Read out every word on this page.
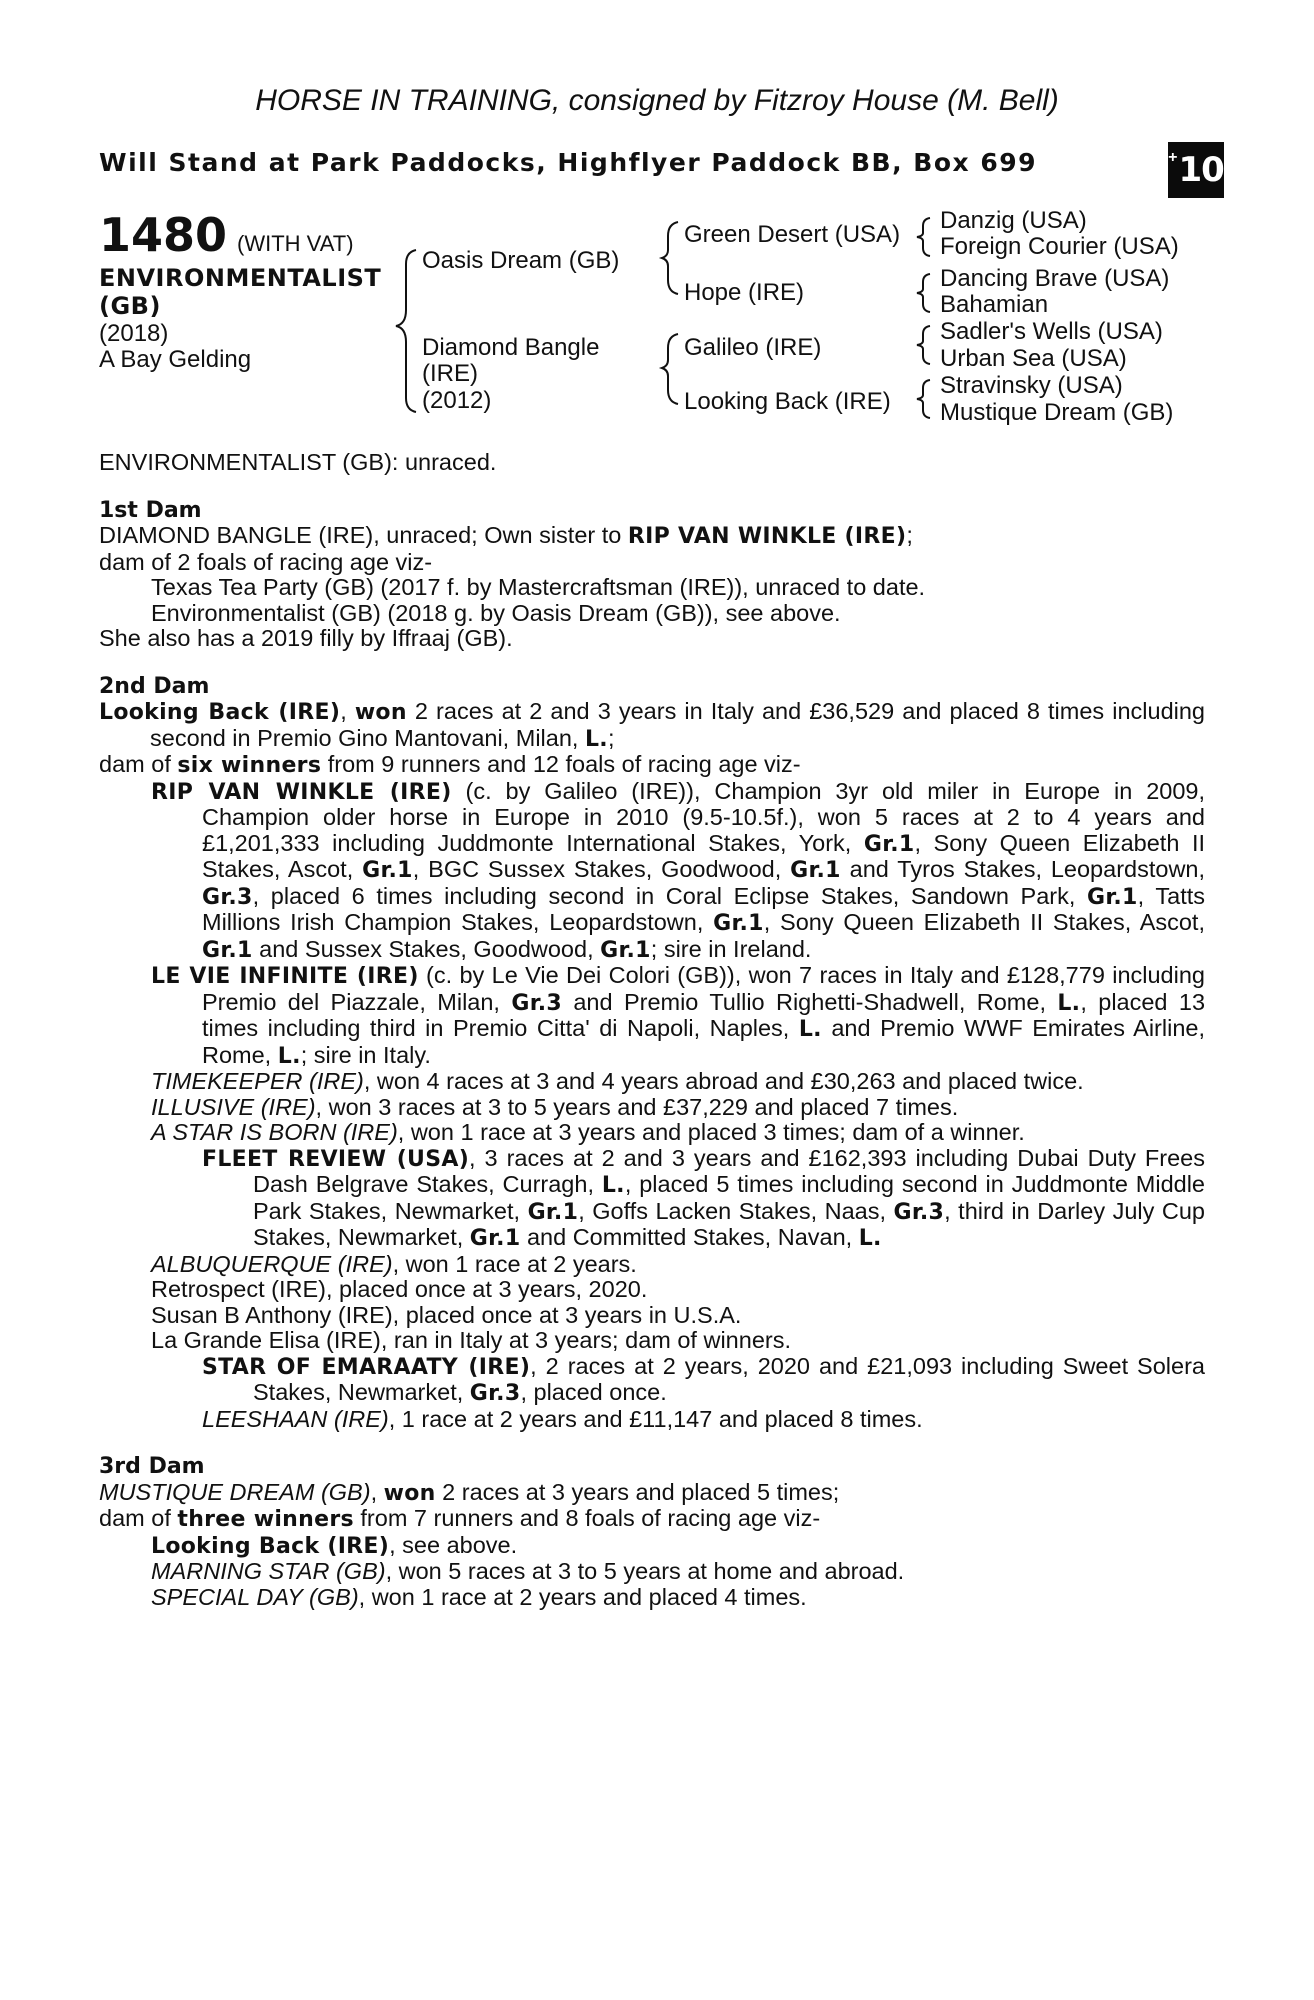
HORSE IN TRAINING, consigned by Fitzroy House (M. Bell)
Will Stand at Park Paddocks, Highflyer Paddock BB, Box 699	+ 10
1480 (WITH VAT)
ENVIRONMENTALIST
(GB)
(2018)
A Bay Gelding
Oasis Dream (GB)
Diamond Bangle
(IRE)
(2012)
Green Desert (USA)
Hope (IRE)
Galileo (IRE)
Looking Back (IRE)
Danzig (USA)
Foreign Courier (USA)
Dancing Brave (USA)
Bahamian
Sadler's Wells (USA)
Urban Sea (USA)
Stravinsky (USA)
Mustique Dream (GB)

ENVIRONMENTALIST (GB): unraced.

1st Dam

DIAMOND BANGLE (IRE), unraced; Own sister to RIP VAN WINKLE (IRE);

dam of 2 foals of racing age viz-

Texas Tea Party (GB) (2017 f. by Mastercraftsman (IRE)), unraced to date.

Environmentalist (GB) (2018 g. by Oasis Dream (GB)), see above.

She also has a 2019 filly by Iffraaj (GB).

2nd Dam

Looking Back (IRE), won 2 races at 2 and 3 years in Italy and £36,529 and placed 8 times including second in Premio Gino Mantovani, Milan, L.;

dam of six winners from 9 runners and 12 foals of racing age viz-

RIP VAN WINKLE (IRE) (c. by Galileo (IRE)), Champion 3yr old miler in Europe in 2009, Champion older horse in Europe in 2010 (9.5-10.5f.), won 5 races at 2 to 4 years and £1,201,333 including Juddmonte International Stakes, York, Gr.1, Sony Queen Elizabeth II Stakes, Ascot, Gr.1, BGC Sussex Stakes, Goodwood, Gr.1 and Tyros Stakes, Leopardstown, Gr.3, placed 6 times including second in Coral Eclipse Stakes, Sandown Park, Gr.1, Tatts Millions Irish Champion Stakes, Leopardstown, Gr.1, Sony Queen Elizabeth II Stakes, Ascot, Gr.1 and Sussex Stakes, Goodwood, Gr.1; sire in Ireland.

LE VIE INFINITE (IRE) (c. by Le Vie Dei Colori (GB)), won 7 races in Italy and £128,779 including Premio del Piazzale, Milan, Gr.3 and Premio Tullio Righetti-Shadwell, Rome, L., placed 13 times including third in Premio Citta' di Napoli, Naples, L. and Premio WWF Emirates Airline, Rome, L.; sire in Italy.

TIMEKEEPER (IRE), won 4 races at 3 and 4 years abroad and £30,263 and placed twice.

ILLUSIVE (IRE), won 3 races at 3 to 5 years and £37,229 and placed 7 times.

A STAR IS BORN (IRE), won 1 race at 3 years and placed 3 times; dam of a winner.

FLEET REVIEW (USA), 3 races at 2 and 3 years and £162,393 including Dubai Duty Frees Dash Belgrave Stakes, Curragh, L., placed 5 times including second in Juddmonte Middle Park Stakes, Newmarket, Gr.1, Goffs Lacken Stakes, Naas, Gr.3, third in Darley July Cup Stakes, Newmarket, Gr.1 and Committed Stakes, Navan, L.

ALBUQUERQUE (IRE), won 1 race at 2 years.

Retrospect (IRE), placed once at 3 years, 2020.

Susan B Anthony (IRE), placed once at 3 years in U.S.A.

La Grande Elisa (IRE), ran in Italy at 3 years; dam of winners.

STAR OF EMARAATY (IRE), 2 races at 2 years, 2020 and £21,093 including Sweet Solera Stakes, Newmarket, Gr.3, placed once.

LEESHAAN (IRE), 1 race at 2 years and £11,147 and placed 8 times.

3rd Dam

MUSTIQUE DREAM (GB), won 2 races at 3 years and placed 5 times;

dam of three winners from 7 runners and 8 foals of racing age viz-

Looking Back (IRE), see above.

MARNING STAR (GB), won 5 races at 3 to 5 years at home and abroad.

SPECIAL DAY (GB), won 1 race at 2 years and placed 4 times.
